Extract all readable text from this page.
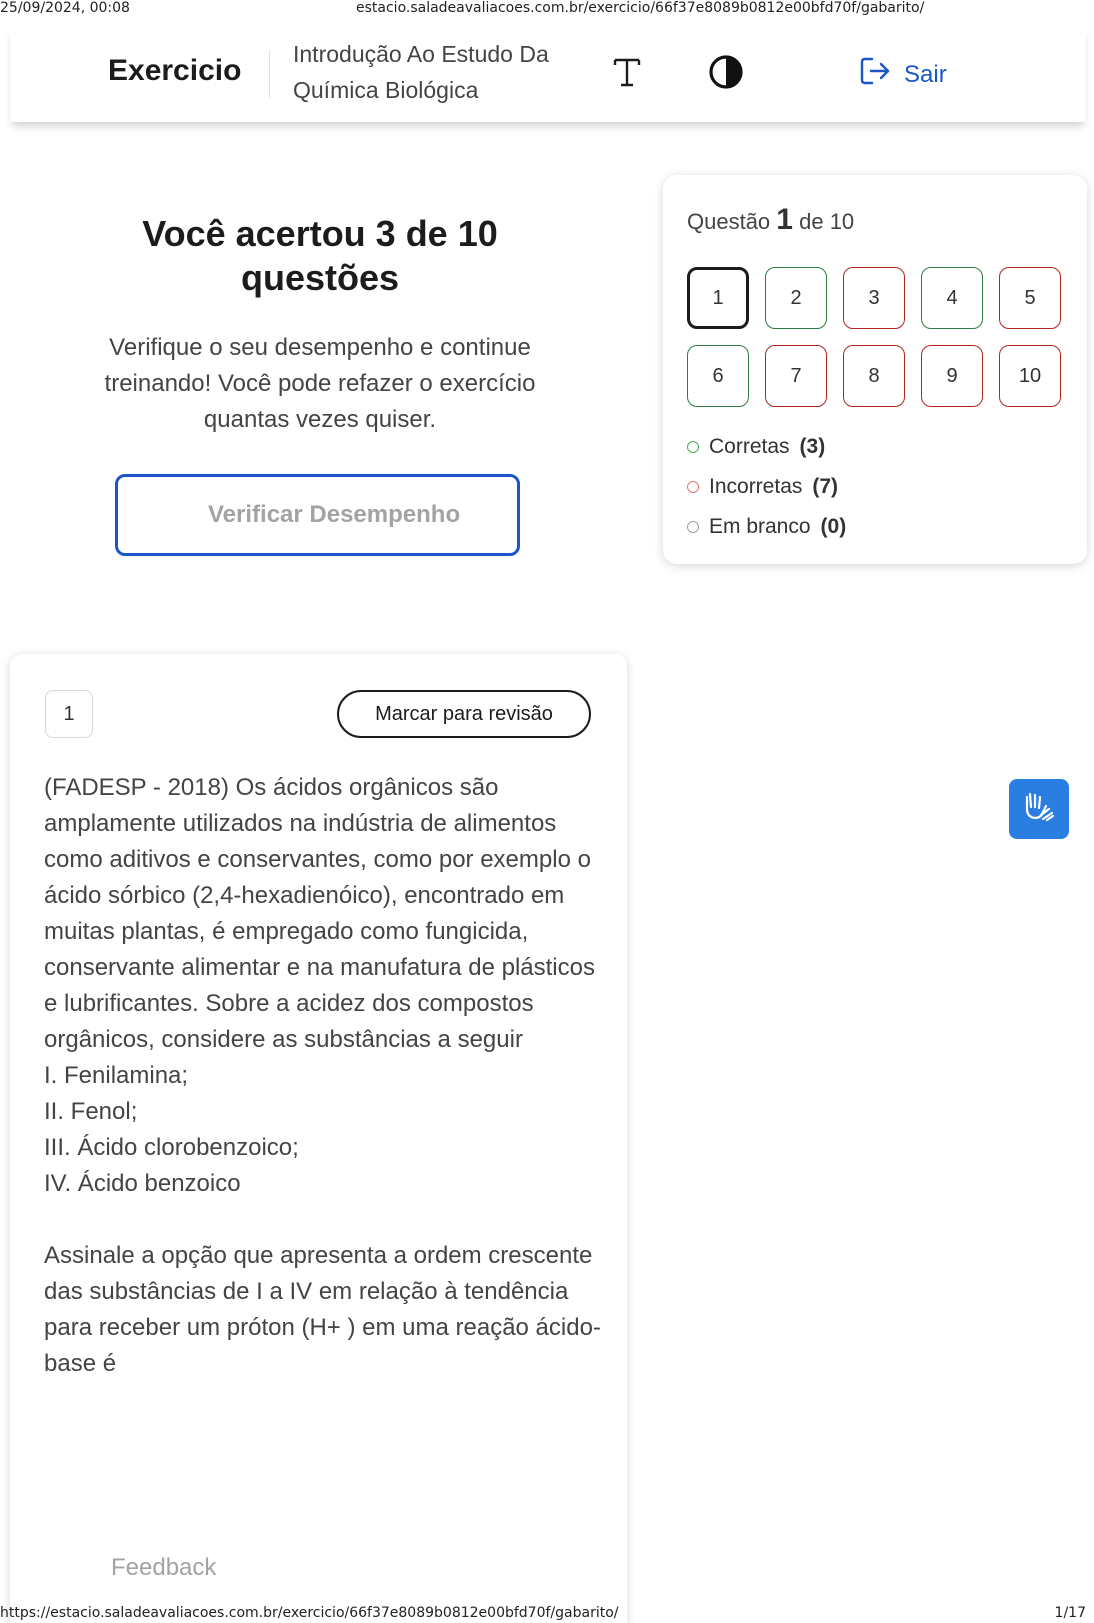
25/09/2024, 00:08	estacio.saladeavaliacoes.com.br/exercicio/66f37e8089b0812e00bfd70f/gabarito/
Exercicio Introdução Ao Estudo Da
Química Biológica
Sair
Você acertou 3 de 10 questões

Verifique o seu desempenho e continue treinando! Você pode refazer o exercício quantas vezes quiser.

Verificar Desempenho
Questão 1 de 10
1	2	3	4	5
6	7	8	9	10
Corretas (3)
Incorretas (7)
Em branco (0)
1	Marcar para revisão
(FADESP - 2018) Os ácidos orgânicos são amplamente utilizados na indústria de alimentos como aditivos e conservantes, como por exemplo o ácido sórbico (2,4-hexadienóico), encontrado em muitas plantas, é empregado como fungicida, conservante alimentar e na manufatura de plásticos e lubrificantes. Sobre a acidez dos compostos orgânicos, considere as substâncias a seguir
I. Fenilamina;
II. Fenol;
III. Ácido clorobenzoico;
IV. Ácido benzoico
Assinale a opção que apresenta a ordem crescente das substâncias de I a IV em relação à tendência para receber um próton (H+ ) em uma reação ácido-base é
Feedback
https://estacio.saladeavaliacoes.com.br/exercicio/66f37e8089b0812e00bfd70f/gabarito/	1/17
